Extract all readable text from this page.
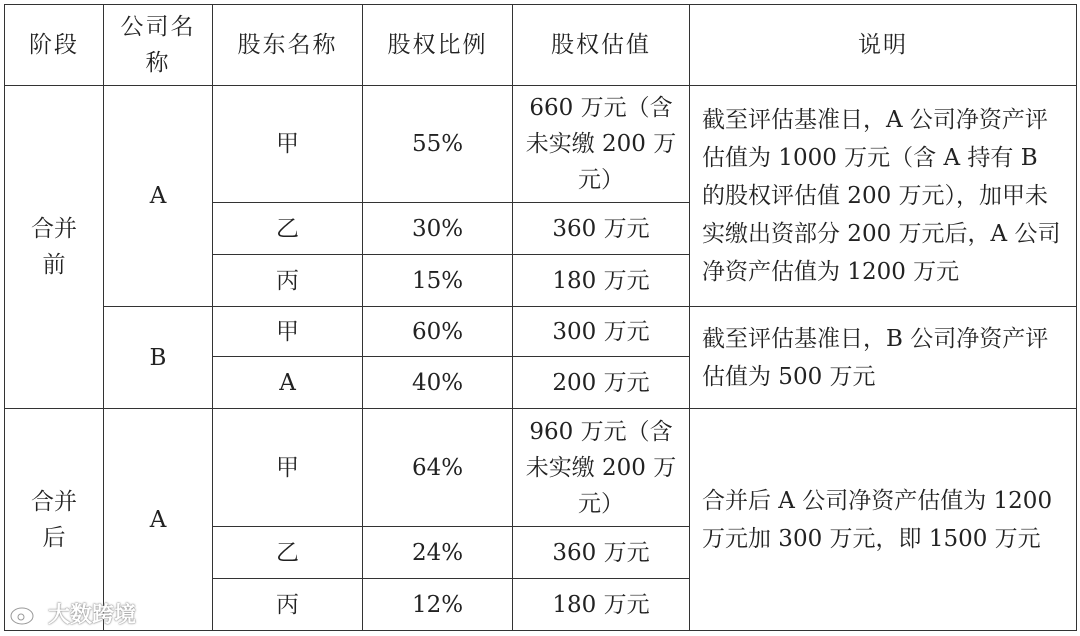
阶段	公司名称	股东名称	股权比例	股权估值	说明
合并前	A	甲	55%	660 万元（含未实缴 200 万元）	截至评估基准日，A 公司净资产评估值为 1000 万元（含 A 持有 B 的股权评估值 200 万元），加甲未实缴出资部分 200 万元后，A 公司净资产估值为 1200 万元
		乙	30%	360 万元	
		丙	15%	180 万元	
	B	甲	60%	300 万元	截至评估基准日，B 公司净资产评估值为 500 万元
		A	40%	200 万元	
合并后	A	甲	64%	960 万元（含未实缴 200 万元）	合并后 A 公司净资产估值为 1200 万元加 300 万元，即 1500 万元
		乙	24%	360 万元	
		丙	12%	180 万元	
大数跨境
